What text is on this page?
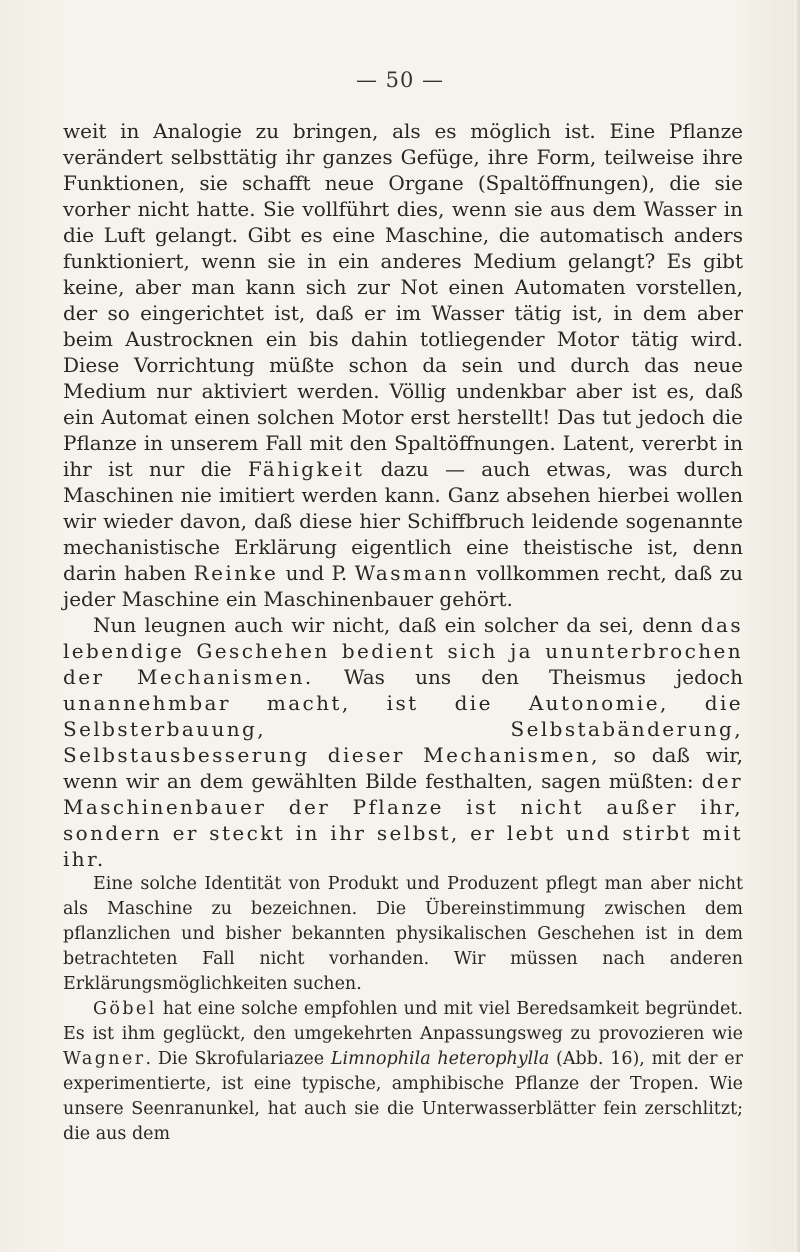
— 50 —

weit in Analogie zu bringen, als es möglich ist. Eine Pflanze verändert selbsttätig ihr ganzes Gefüge, ihre Form, teilweise ihre Funktionen, sie schafft neue Organe (Spaltöffnungen), die sie vorher nicht hatte. Sie vollführt dies, wenn sie aus dem Wasser in die Luft gelangt. Gibt es eine Maschine, die automatisch anders funktioniert, wenn sie in ein anderes Medium gelangt? Es gibt keine, aber man kann sich zur Not einen Automaten vorstellen, der so eingerichtet ist, daß er im Wasser tätig ist, in dem aber beim Austrocknen ein bis dahin totliegender Motor tätig wird. Diese Vorrichtung müßte schon da sein und durch das neue Medium nur aktiviert werden. Völlig undenkbar aber ist es, daß ein Automat einen solchen Motor erst herstellt! Das tut jedoch die Pflanze in unserem Fall mit den Spaltöffnungen. Latent, vererbt in ihr ist nur die Fähigkeit dazu — auch etwas, was durch Maschinen nie imitiert werden kann. Ganz absehen hierbei wollen wir wieder davon, daß diese hier Schiffbruch leidende sogenannte mechanistische Erklärung eigentlich eine theistische ist, denn darin haben Reinke und P. Wasmann vollkommen recht, daß zu jeder Maschine ein Maschinenbauer gehört.

Nun leugnen auch wir nicht, daß ein solcher da sei, denn das lebendige Geschehen bedient sich ja ununterbrochen der Mechanismen. Was uns den Theismus jedoch unannehmbar macht, ist die Autonomie, die Selbsterbauung, Selbstabänderung, Selbstausbesserung dieser Mechanismen, so daß wir, wenn wir an dem gewählten Bilde festhalten, sagen müßten: der Maschinenbauer der Pflanze ist nicht außer ihr, sondern er steckt in ihr selbst, er lebt und stirbt mit ihr.

Eine solche Identität von Produkt und Produzent pflegt man aber nicht als Maschine zu bezeichnen. Die Übereinstimmung zwischen dem pflanzlichen und bisher bekannten physikalischen Geschehen ist in dem betrachteten Fall nicht vorhanden. Wir müssen nach anderen Erklärungsmöglichkeiten suchen.

Göbel hat eine solche empfohlen und mit viel Beredsamkeit begründet. Es ist ihm geglückt, den umgekehrten Anpassungsweg zu provozieren wie Wagner. Die Skrofulariazee Limnophila heterophylla (Abb. 16), mit der er experimentierte, ist eine typische, amphibische Pflanze der Tropen. Wie unsere Seenranunkel, hat auch sie die Unterwasserblätter fein zerschlitzt; die aus dem
